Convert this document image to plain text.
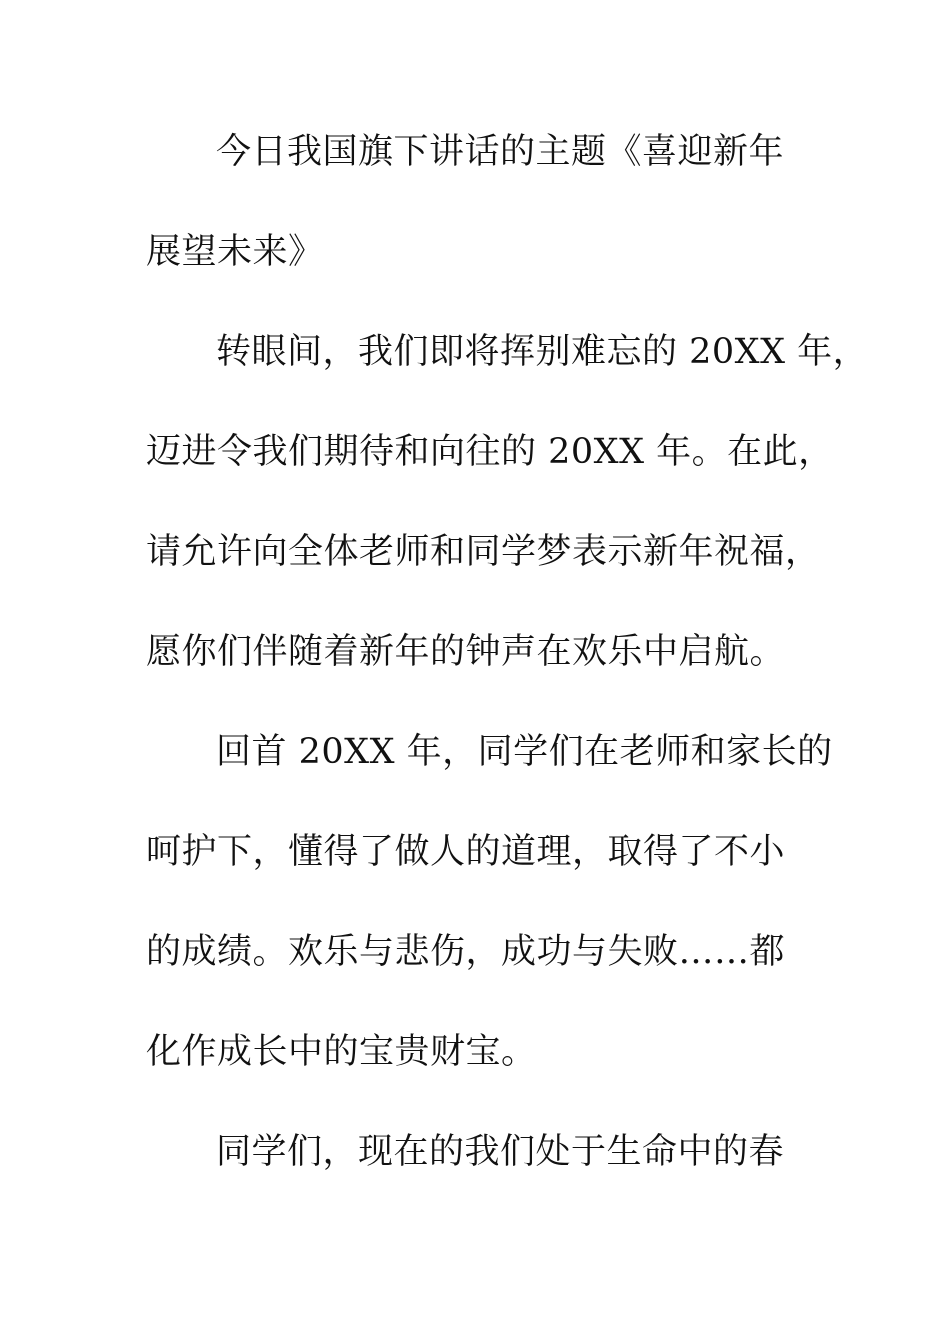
今日我国旗下讲话的主题《喜迎新年
展望未来》
转眼间，我们即将挥别难忘的 20XX 年，
迈进令我们期待和向往的 20XX 年。在此，
请允许向全体老师和同学梦表示新年祝福，
愿你们伴随着新年的钟声在欢乐中启航。
回首 20XX 年，同学们在老师和家长的
呵护下，懂得了做人的道理，取得了不小
的成绩。欢乐与悲伤，成功与失败……都
化作成长中的宝贵财宝。
同学们，现在的我们处于生命中的春
